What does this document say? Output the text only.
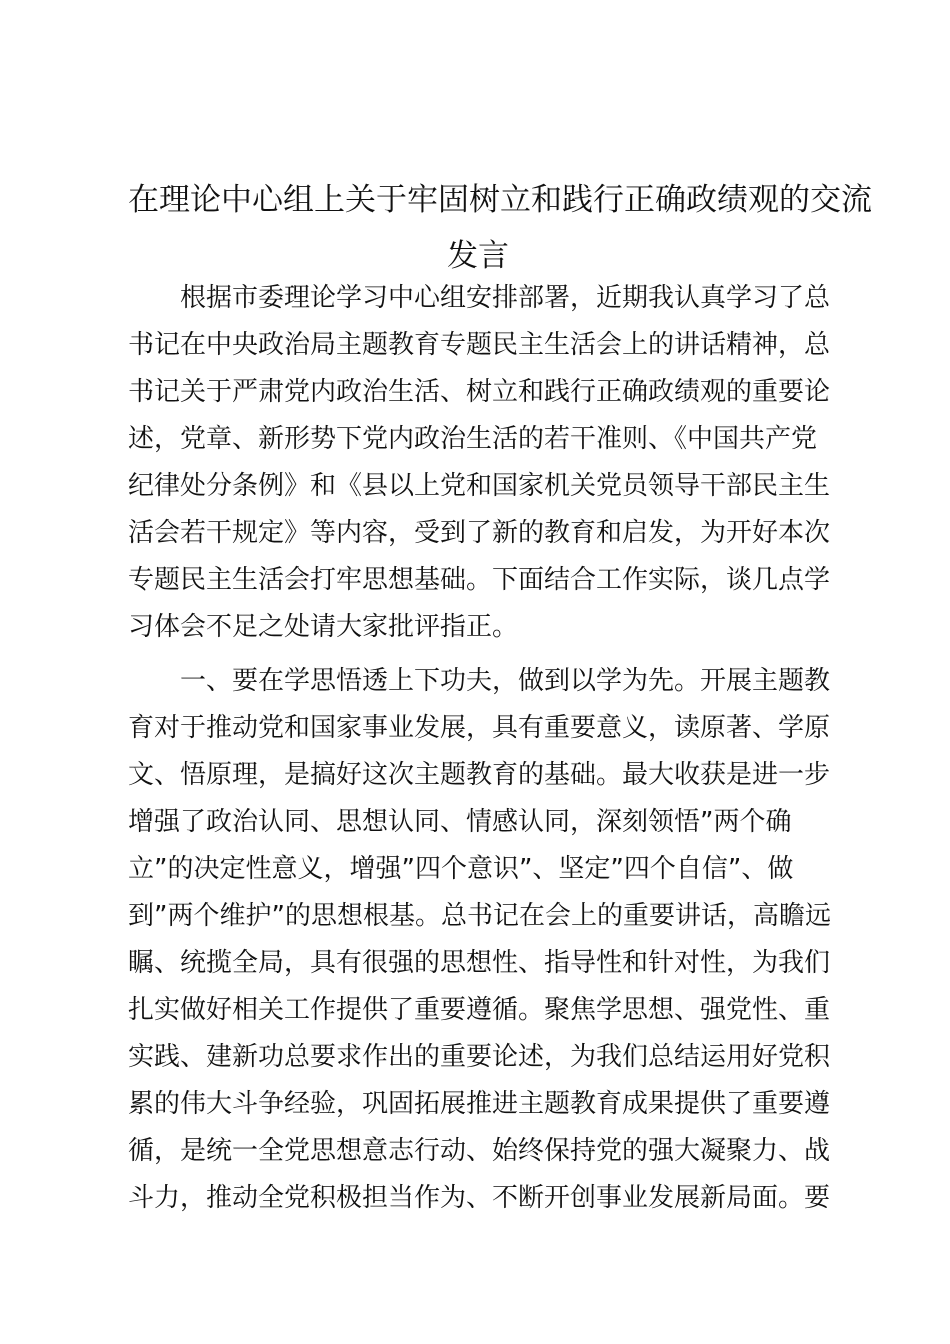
在理论中心组上关于牢固树立和践行正确政绩观的交流
发言
　　根据市委理论学习中心组安排部署，近期我认真学习了总
书记在中央政治局主题教育专题民主生活会上的讲话精神，总
书记关于严肃党内政治生活、树立和践行正确政绩观的重要论
述，党章、新形势下党内政治生活的若干准则、《中国共产党
纪律处分条例》和《县以上党和国家机关党员领导干部民主生
活会若干规定》等内容，受到了新的教育和启发，为开好本次
专题民主生活会打牢思想基础。下面结合工作实际，谈几点学
习体会不足之处请大家批评指正。
　　一、要在学思悟透上下功夫，做到以学为先。开展主题教
育对于推动党和国家事业发展，具有重要意义，读原著、学原
文、悟原理，是搞好这次主题教育的基础。最大收获是进一步
增强了政治认同、思想认同、情感认同，深刻领悟”两个确
立”的决定性意义，增强”四个意识”、坚定”四个自信”、做
到”两个维护”的思想根基。总书记在会上的重要讲话，高瞻远
瞩、统揽全局，具有很强的思想性、指导性和针对性，为我们
扎实做好相关工作提供了重要遵循。聚焦学思想、强党性、重
实践、建新功总要求作出的重要论述，为我们总结运用好党积
累的伟大斗争经验，巩固拓展推进主题教育成果提供了重要遵
循，是统一全党思想意志行动、始终保持党的强大凝聚力、战
斗力，推动全党积极担当作为、不断开创事业发展新局面。要
